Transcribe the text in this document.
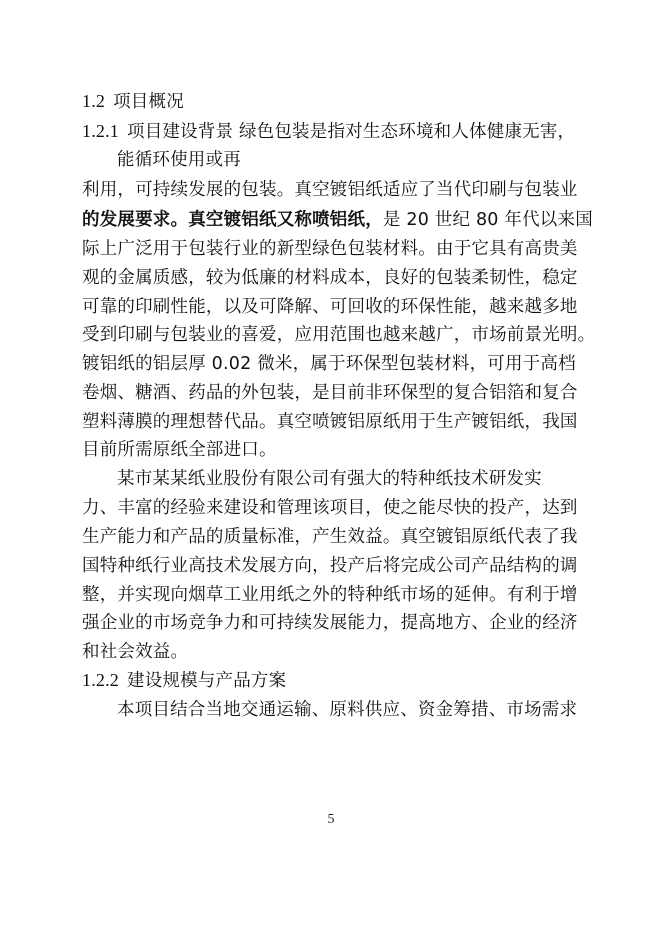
1.2 项目概况
1.2.1 项目建设背景 绿色包装是指对生态环境和人体健康无害，
能循环使用或再
利用，可持续发展的包装。真空镀铝纸适应了当代印刷与包装业
的发展要求。真空镀铝纸又称喷铝纸，是 20 世纪 80 年代以来国
际上广泛用于包装行业的新型绿色包装材料。由于它具有高贵美
观的金属质感，较为低廉的材料成本，良好的包装柔韧性，稳定
可靠的印刷性能，以及可降解、可回收的环保性能，越来越多地
受到印刷与包装业的喜爱，应用范围也越来越广，市场前景光明。
镀铝纸的铝层厚 0.02 微米，属于环保型包装材料，可用于高档
卷烟、糖酒、药品的外包装，是目前非环保型的复合铝箔和复合
塑料薄膜的理想替代品。真空喷镀铝原纸用于生产镀铝纸，我国
目前所需原纸全部进口。
某市某某纸业股份有限公司有强大的特种纸技术研发实
力、丰富的经验来建设和管理该项目，使之能尽快的投产，达到
生产能力和产品的质量标准，产生效益。真空镀铝原纸代表了我
国特种纸行业高技术发展方向，投产后将完成公司产品结构的调
整，并实现向烟草工业用纸之外的特种纸市场的延伸。有利于增
强企业的市场竞争力和可持续发展能力，提高地方、企业的经济
和社会效益。
1.2.2 建设规模与产品方案
本项目结合当地交通运输、原料供应、资金筹措、市场需求
5
